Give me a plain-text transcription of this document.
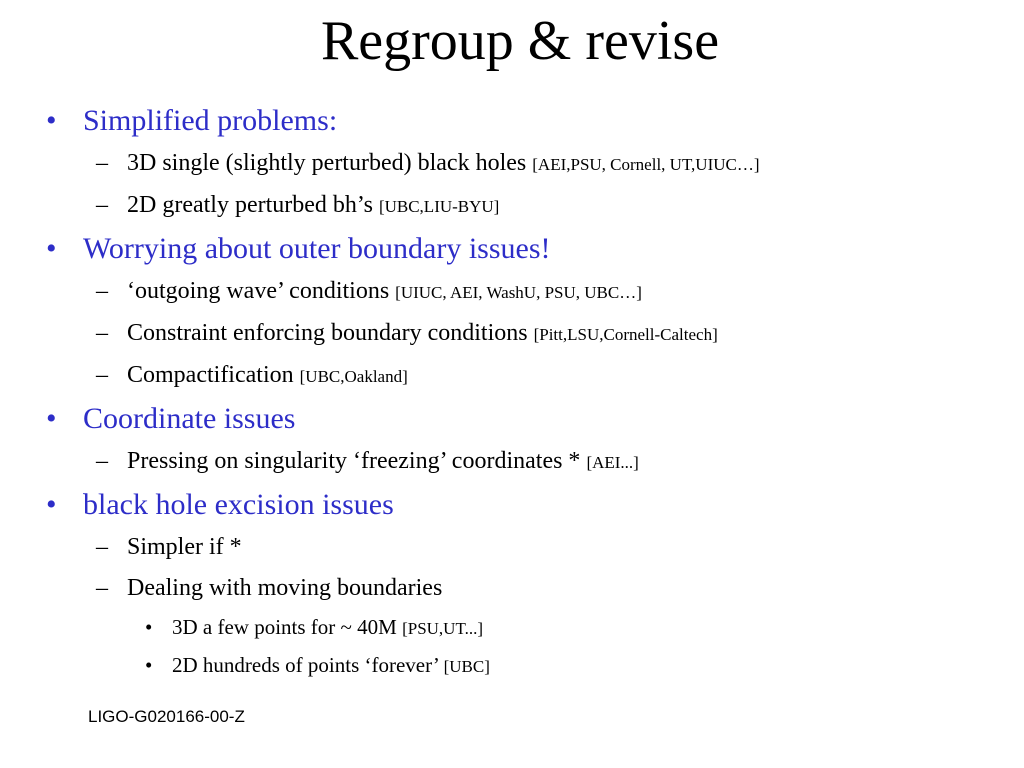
Regroup & revise
• Simplified problems:
– 3D single (slightly perturbed) black holes [AEI,PSU, Cornell, UT,UIUC…]
– 2D greatly perturbed bh’s [UBC,LIU-BYU]
• Worrying about outer boundary issues!
– ‘outgoing wave’ conditions [UIUC, AEI, WashU, PSU, UBC…]
– Constraint enforcing boundary conditions [Pitt,LSU,Cornell-Caltech]
– Compactification [UBC,Oakland]
• Coordinate issues
– Pressing on singularity ‘freezing’ coordinates * [AEI...]
• black hole excision issues
– Simpler if *
– Dealing with moving boundaries
• 3D a few points for ~ 40M [PSU,UT...]
• 2D hundreds of points ‘forever’ [UBC]
LIGO-G020166-00-Z
